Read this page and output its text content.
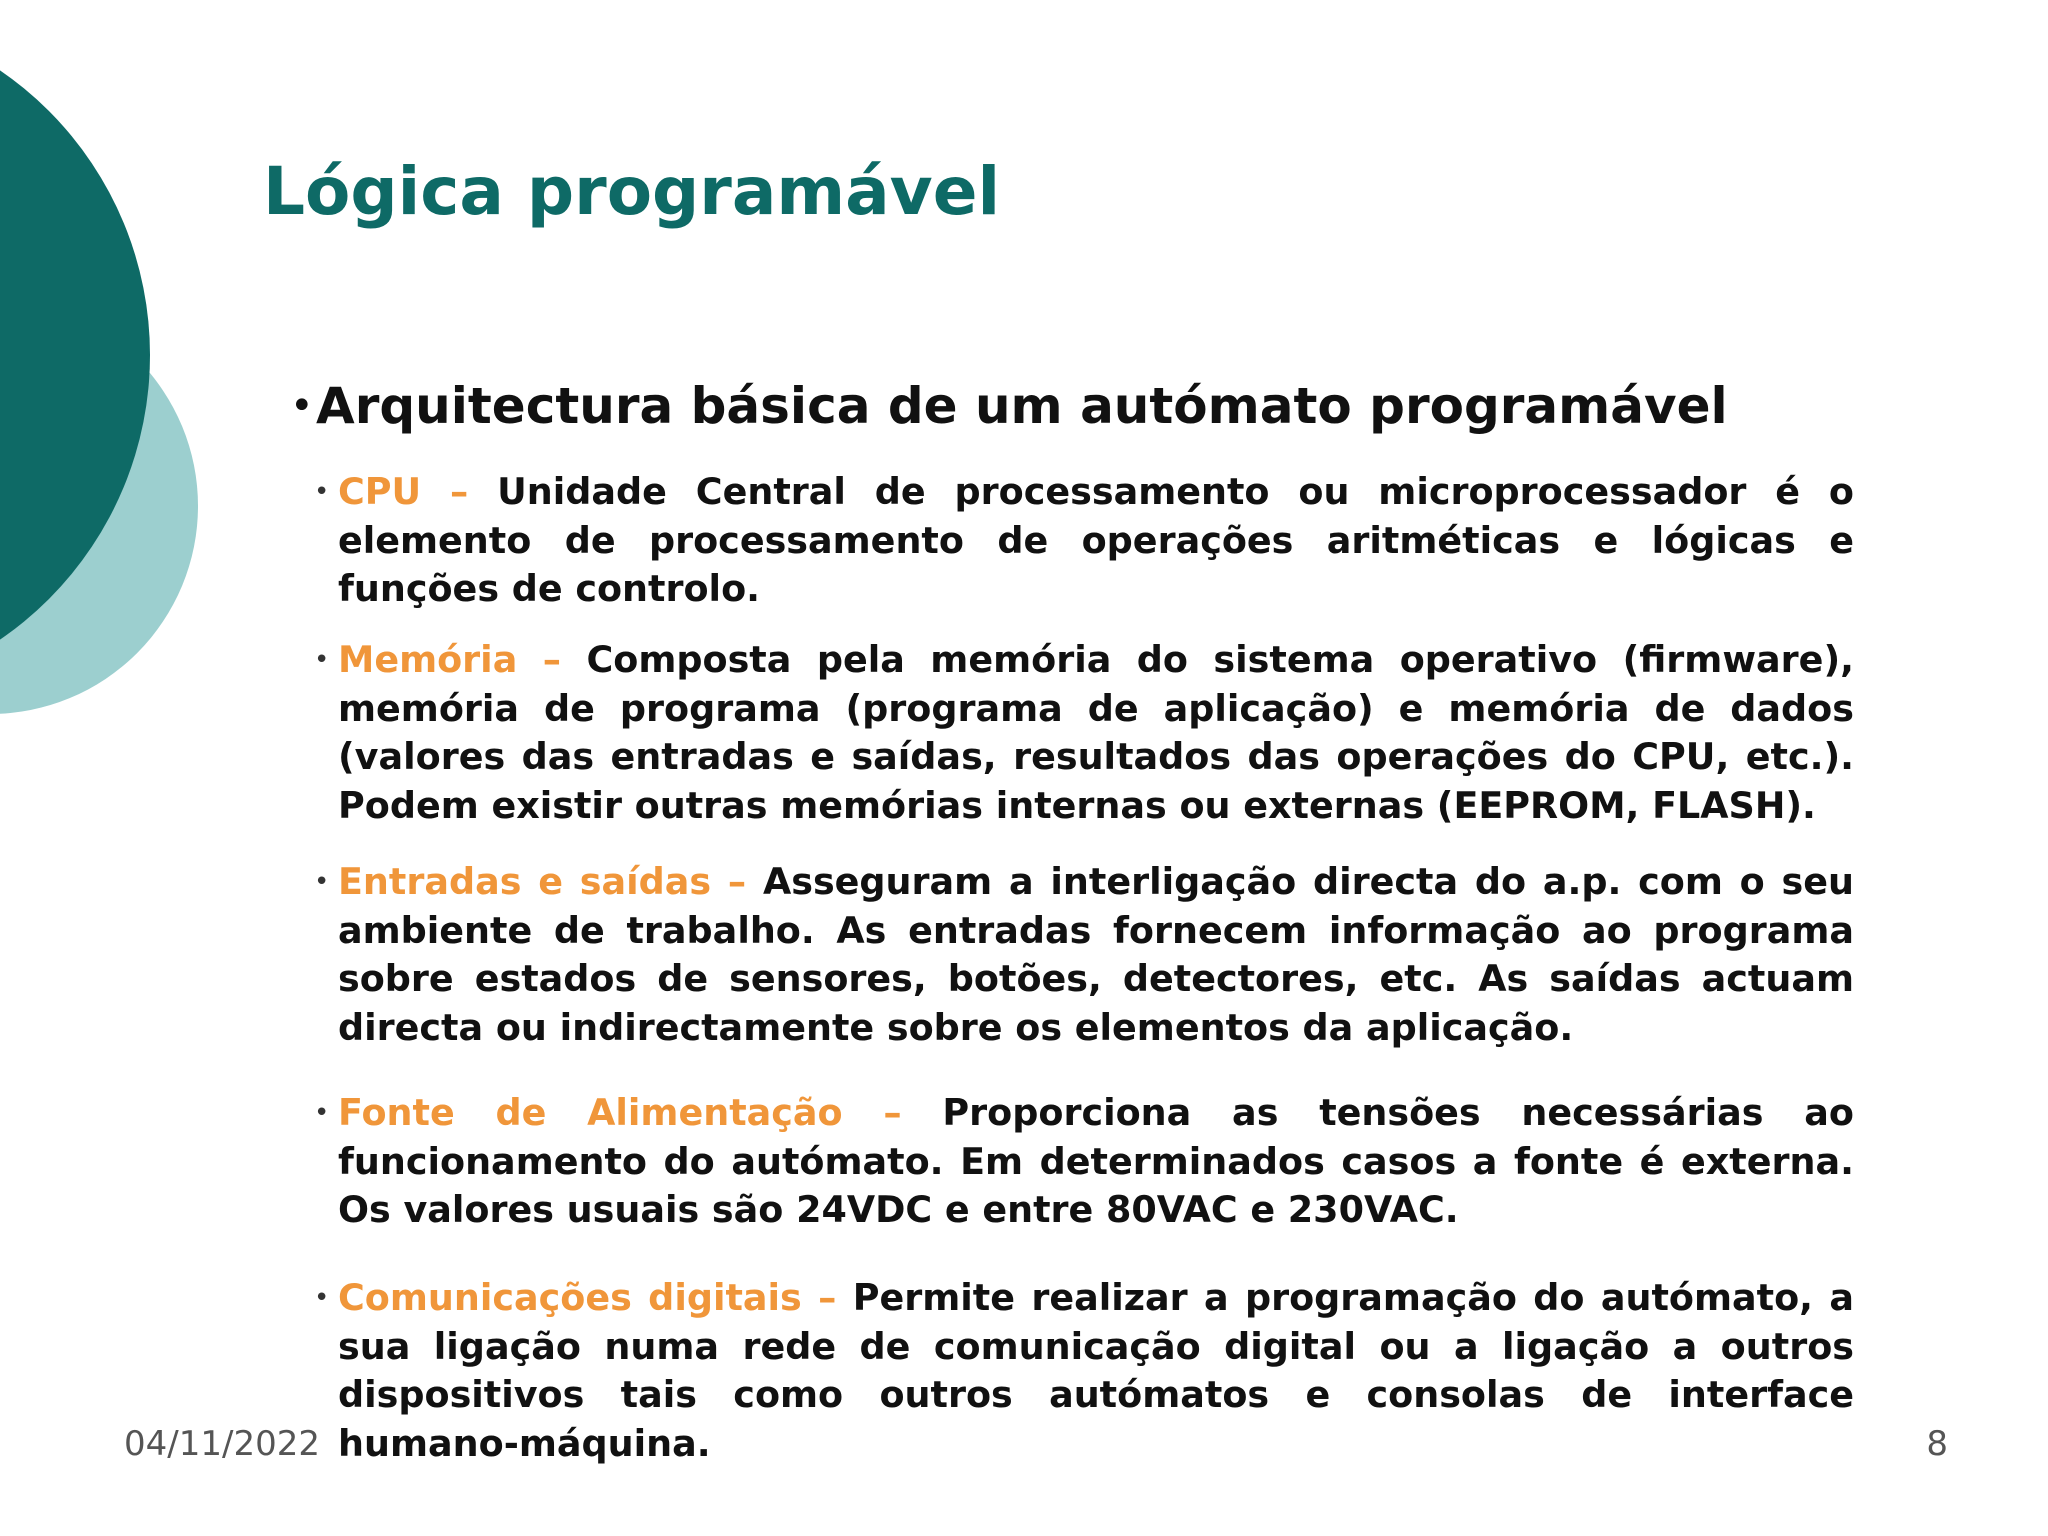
Lógica programável
• Arquitectura básica de um autómato programável
• CPU – Unidade Central de processamento ou microprocessador é o elemento de processamento de operações aritméticas e lógicas e funções de controlo.
• Memória – Composta pela memória do sistema operativo (firmware), memória de programa (programa de aplicação) e memória de dados (valores das entradas e saídas, resultados das operações do CPU, etc.). Podem existir outras memórias internas ou externas (EEPROM, FLASH).
• Entradas e saídas – Asseguram a interligação directa do a.p. com o seu ambiente de trabalho. As entradas fornecem informação ao programa sobre estados de sensores, botões, detectores, etc. As saídas actuam directa ou indirectamente sobre os elementos da aplicação.
• Fonte de Alimentação – Proporciona as tensões necessárias ao funcionamento do autómato. Em determinados casos a fonte é externa. Os valores usuais são 24VDC e entre 80VAC e 230VAC.
• Comunicações digitais – Permite realizar a programação do autómato, a sua ligação numa rede de comunicação digital ou a ligação a outros dispositivos tais como outros autómatos e consolas de interface humano-máquina.
04/11/2022	8
